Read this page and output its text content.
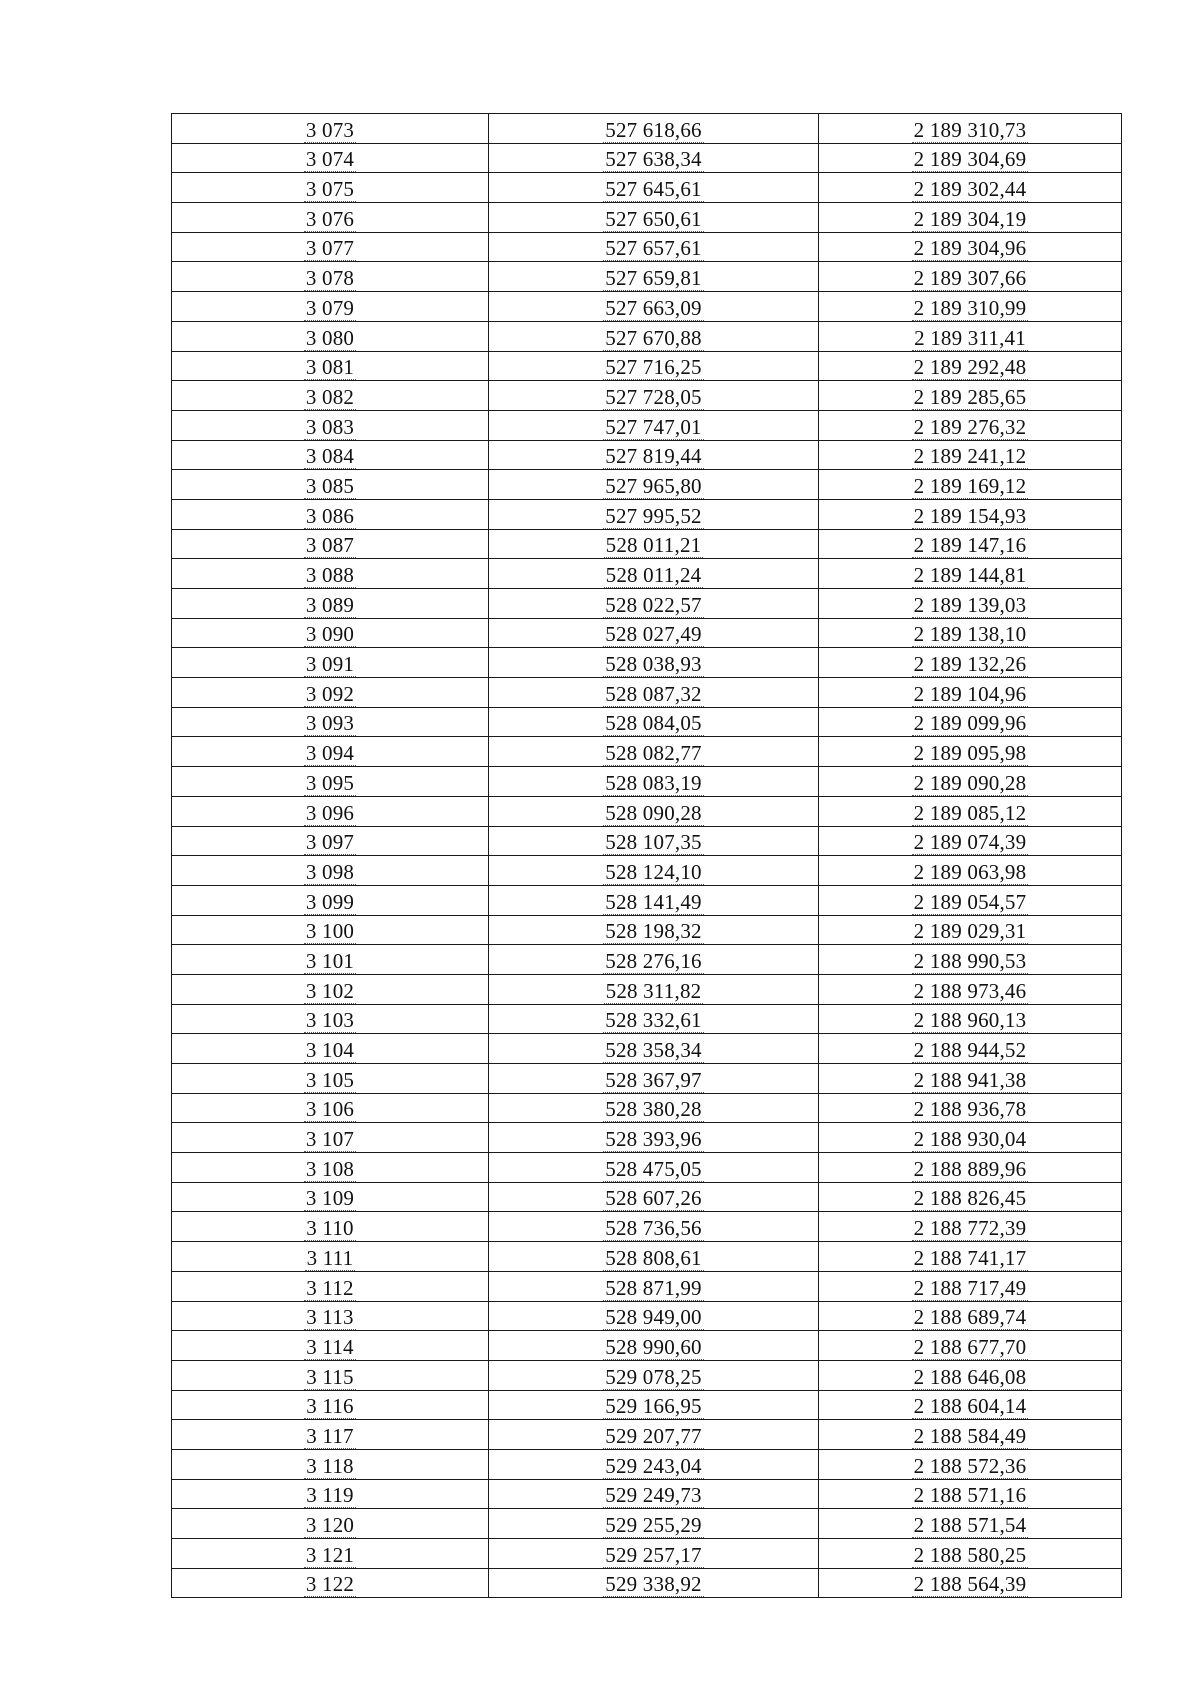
3 073	527 618,66	2 189 310,73
3 074	527 638,34	2 189 304,69
3 075	527 645,61	2 189 302,44
3 076	527 650,61	2 189 304,19
3 077	527 657,61	2 189 304,96
3 078	527 659,81	2 189 307,66
3 079	527 663,09	2 189 310,99
3 080	527 670,88	2 189 311,41
3 081	527 716,25	2 189 292,48
3 082	527 728,05	2 189 285,65
3 083	527 747,01	2 189 276,32
3 084	527 819,44	2 189 241,12
3 085	527 965,80	2 189 169,12
3 086	527 995,52	2 189 154,93
3 087	528 011,21	2 189 147,16
3 088	528 011,24	2 189 144,81
3 089	528 022,57	2 189 139,03
3 090	528 027,49	2 189 138,10
3 091	528 038,93	2 189 132,26
3 092	528 087,32	2 189 104,96
3 093	528 084,05	2 189 099,96
3 094	528 082,77	2 189 095,98
3 095	528 083,19	2 189 090,28
3 096	528 090,28	2 189 085,12
3 097	528 107,35	2 189 074,39
3 098	528 124,10	2 189 063,98
3 099	528 141,49	2 189 054,57
3 100	528 198,32	2 189 029,31
3 101	528 276,16	2 188 990,53
3 102	528 311,82	2 188 973,46
3 103	528 332,61	2 188 960,13
3 104	528 358,34	2 188 944,52
3 105	528 367,97	2 188 941,38
3 106	528 380,28	2 188 936,78
3 107	528 393,96	2 188 930,04
3 108	528 475,05	2 188 889,96
3 109	528 607,26	2 188 826,45
3 110	528 736,56	2 188 772,39
3 111	528 808,61	2 188 741,17
3 112	528 871,99	2 188 717,49
3 113	528 949,00	2 188 689,74
3 114	528 990,60	2 188 677,70
3 115	529 078,25	2 188 646,08
3 116	529 166,95	2 188 604,14
3 117	529 207,77	2 188 584,49
3 118	529 243,04	2 188 572,36
3 119	529 249,73	2 188 571,16
3 120	529 255,29	2 188 571,54
3 121	529 257,17	2 188 580,25
3 122	529 338,92	2 188 564,39
